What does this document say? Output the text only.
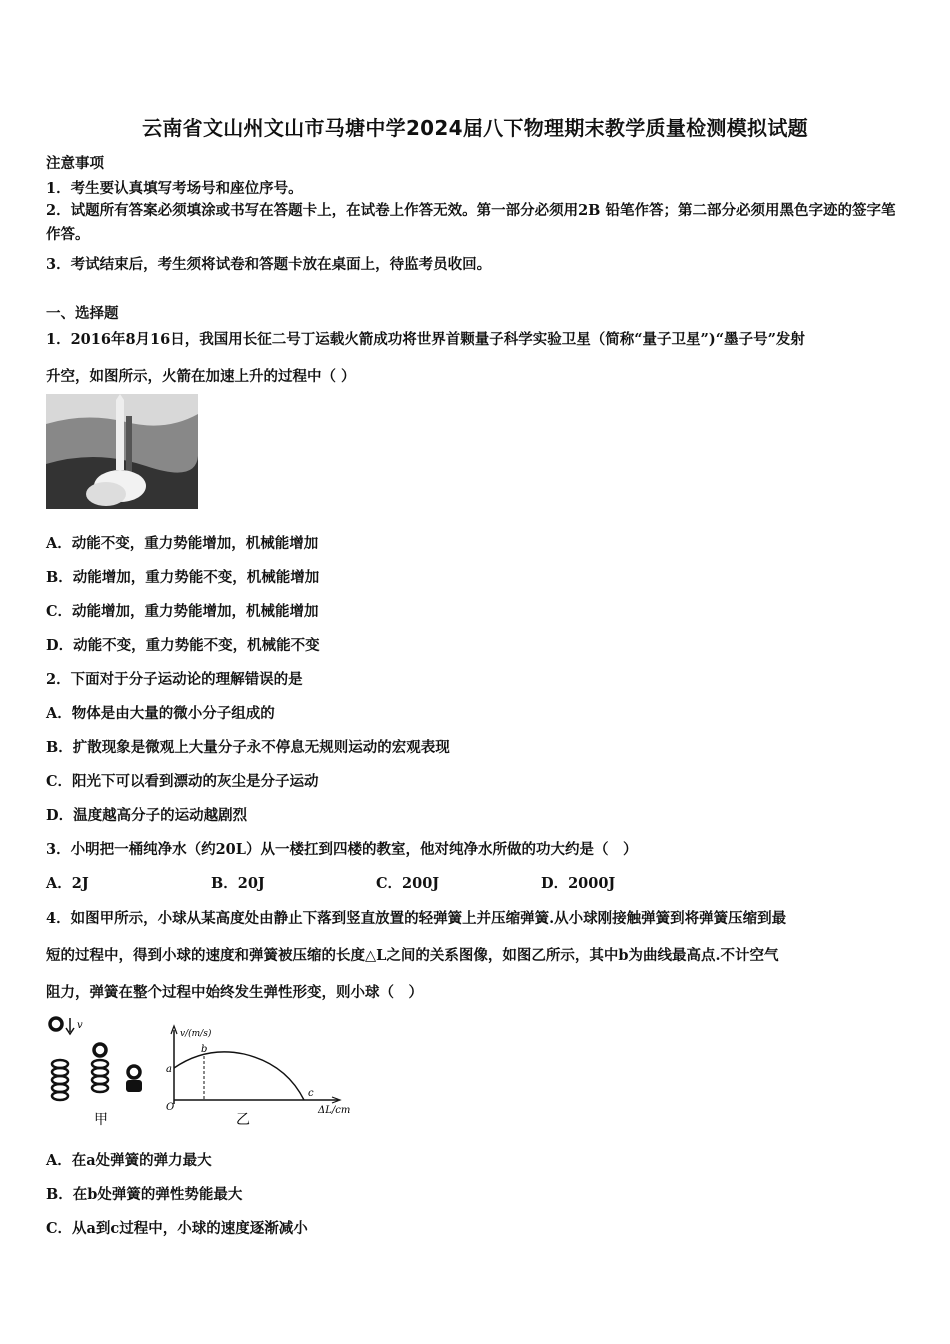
云南省文山州文山市马塘中学2024届八下物理期末教学质量检测模拟试题
注意事项
1．考生要认真填写考场号和座位序号。
2．试题所有答案必须填涂或书写在答题卡上，在试卷上作答无效。第一部分必须用2B 铅笔作答；第二部分必须用黑色字迹的签字笔作答。
3．考试结束后，考生须将试卷和答题卡放在桌面上，待监考员收回。
一、选择题
1．2016年8月16日，我国用长征二号丁运载火箭成功将世界首颗量子科学实验卫星（简称“量子卫星”)“墨子号”发射
升空，如图所示，火箭在加速上升的过程中（ ）
A．动能不变，重力势能增加，机械能增加
B．动能增加，重力势能不变，机械能增加
C．动能增加，重力势能增加，机械能增加
D．动能不变，重力势能不变，机械能不变
2．下面对于分子运动论的理解错误的是
A．物体是由大量的微小分子组成的
B．扩散现象是微观上大量分子永不停息无规则运动的宏观表现
C．阳光下可以看到漂动的灰尘是分子运动
D．温度越高分子的运动越剧烈
3．小明把一桶纯净水（约20L）从一楼扛到四楼的教室，他对纯净水所做的功大约是（　）
A．2J	B．20J	C．200J	D．2000J
4．如图甲所示，小球从某高度处由静止下落到竖直放置的轻弹簧上并压缩弹簧.从小球刚接触弹簧到将弹簧压缩到最
短的过程中，得到小球的速度和弹簧被压缩的长度△L之间的关系图像，如图乙所示，其中b为曲线最高点.不计空气
阻力，弹簧在整个过程中始终发生弹性形变，则小球（　）
v
甲
v/(m/s)
ΔL/cm
a
b
c
O
乙
A．在a处弹簧的弹力最大
B．在b处弹簧的弹性势能最大
C．从a到c过程中，小球的速度逐渐减小
